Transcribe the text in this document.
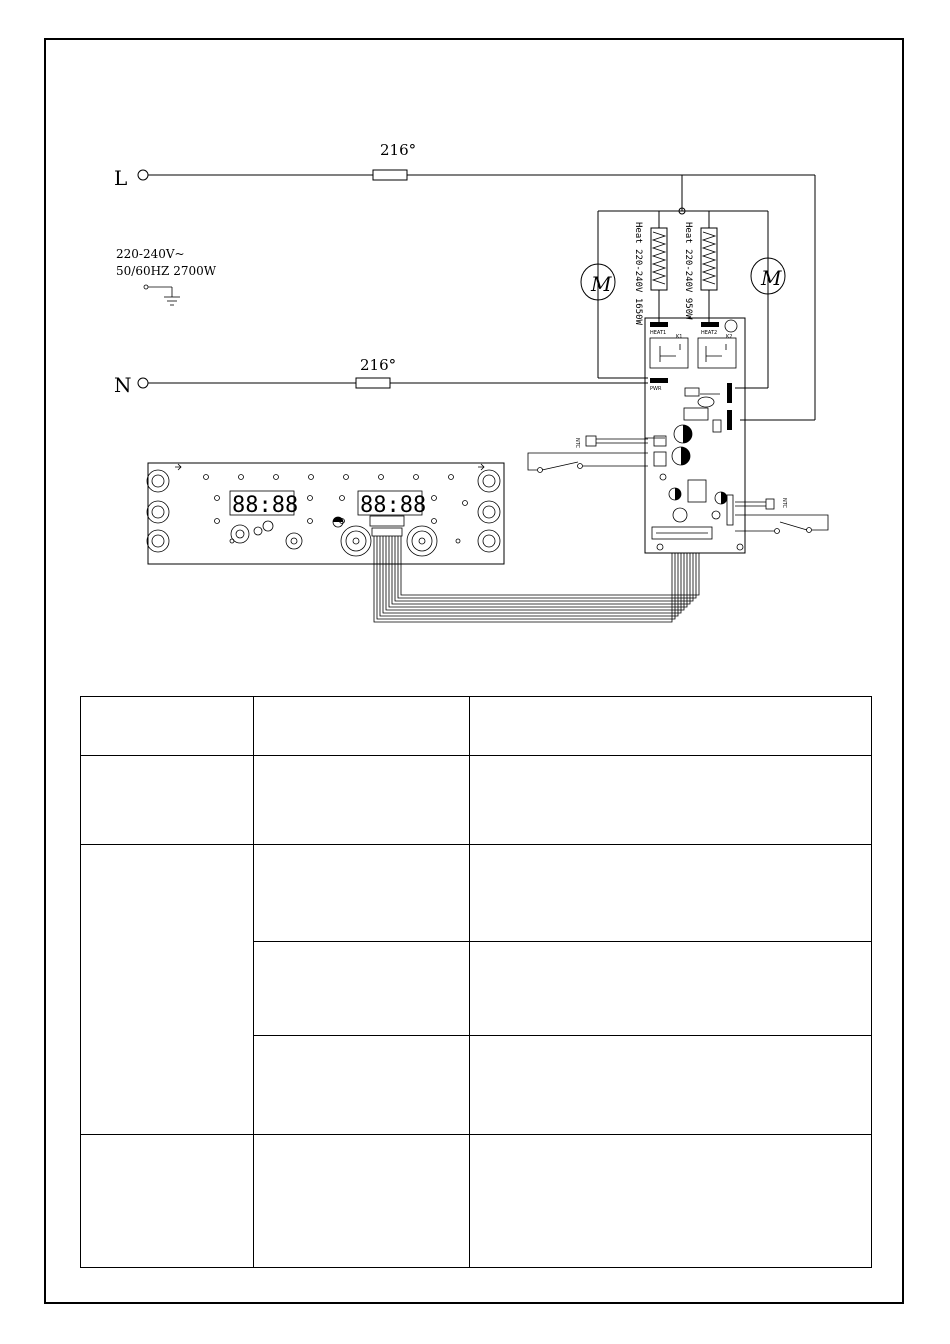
L
N
220-240V~
50/60HZ 2700W
216°
Heat 220-240V 1650W	Heat 220-240V 950W
M	M
216°
HEAT1	HEAT2
K1	K2
PWR
NTC
NTC
88:88	88:88
